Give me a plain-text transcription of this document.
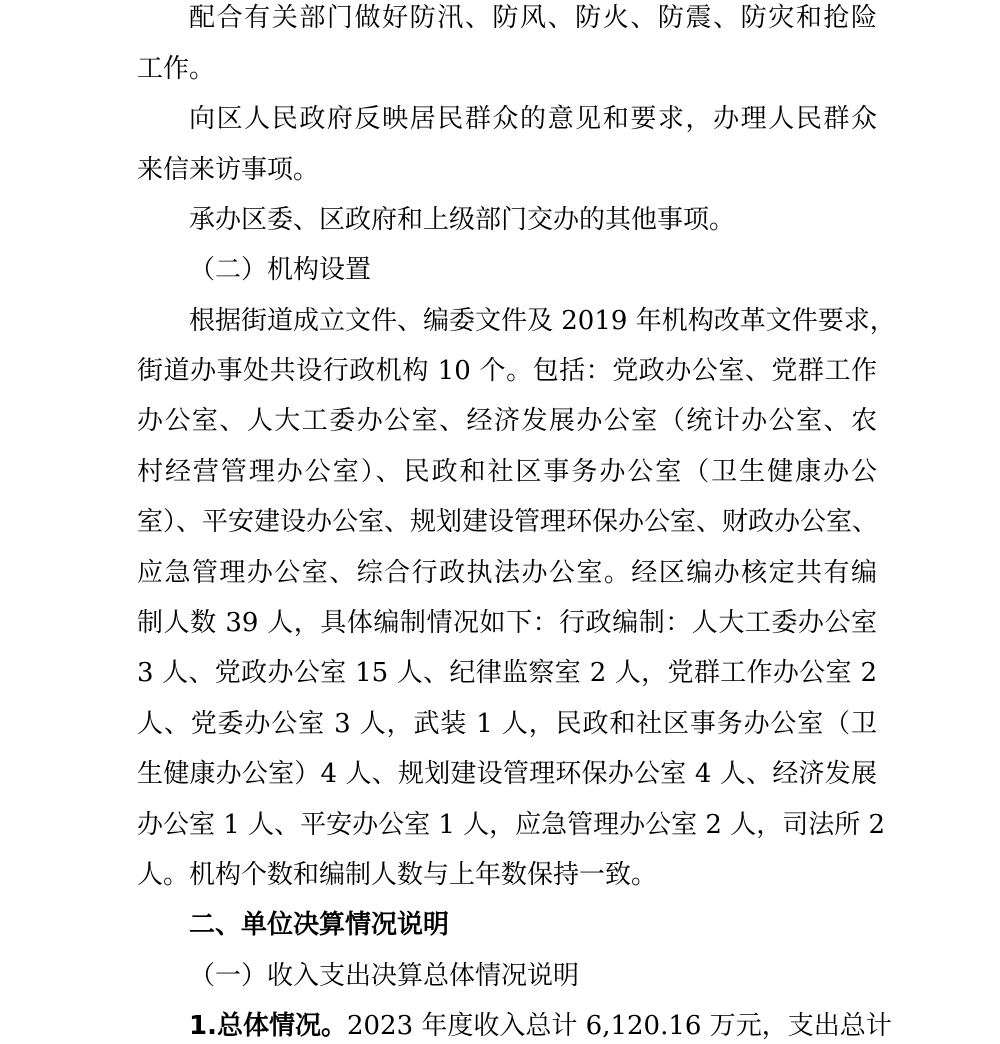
配合有关部门做好防汛、防风、防火、防震、防灾和抢险
工作。
向区人民政府反映居民群众的意见和要求，办理人民群众
来信来访事项。
承办区委、区政府和上级部门交办的其他事项。
（二）机构设置
根据街道成立文件、编委文件及 2019 年机构改革文件要求，
街道办事处共设行政机构 10 个。包括：党政办公室、党群工作
办公室、人大工委办公室、经济发展办公室（统计办公室、农
村经营管理办公室）、民政和社区事务办公室（卫生健康办公
室）、平安建设办公室、规划建设管理环保办公室、财政办公室、
应急管理办公室、综合行政执法办公室。经区编办核定共有编
制人数 39 人，具体编制情况如下：行政编制：人大工委办公室
3 人、党政办公室 15 人、纪律监察室 2 人，党群工作办公室 2
人、党委办公室 3 人，武装 1 人，民政和社区事务办公室（卫
生健康办公室）4 人、规划建设管理环保办公室 4 人、经济发展
办公室 1 人、平安办公室 1 人，应急管理办公室 2 人，司法所 2
人。机构个数和编制人数与上年数保持一致。
二、单位决算情况说明
（一）收入支出决算总体情况说明
1.总体情况。2023 年度收入总计 6,120.16 万元，支出总计
